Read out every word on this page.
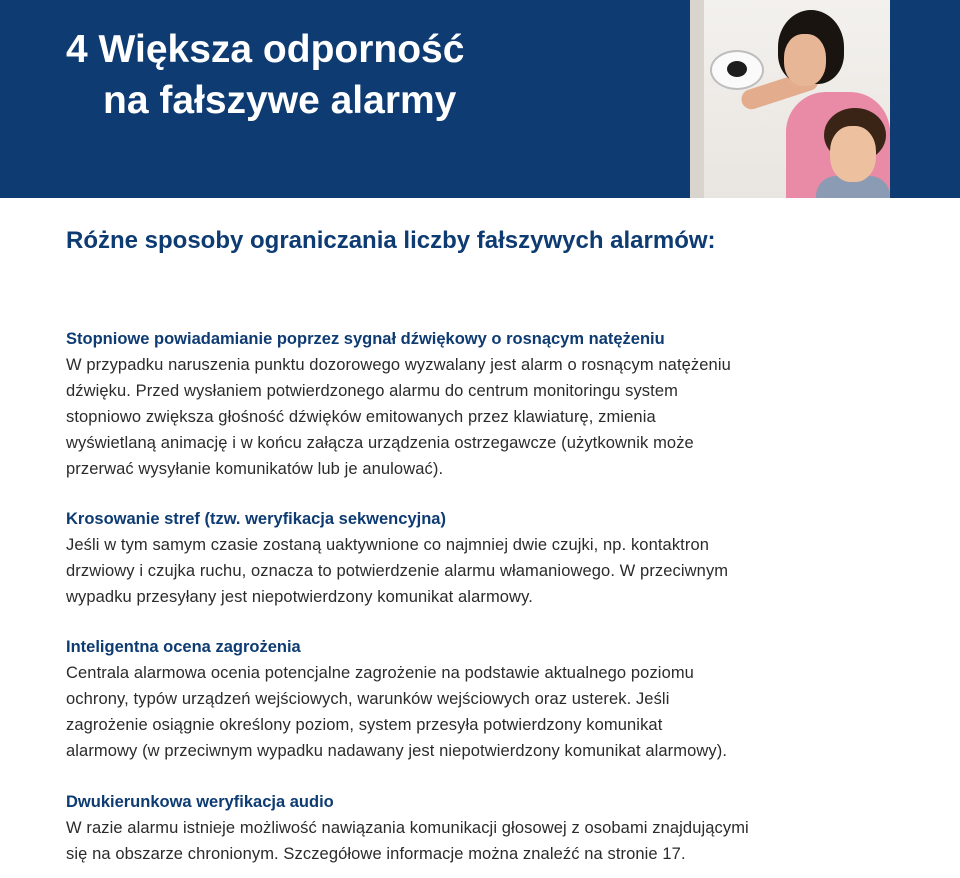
4 Większa odporność
na fałszywe alarmy
Różne sposoby ograniczania liczby fałszywych alarmów:

Stopniowe powiadamianie poprzez sygnał dźwiękowy o rosnącym natężeniu

W przypadku naruszenia punktu dozorowego wyzwalany jest alarm o rosnącym natężeniu
dźwięku. Przed wysłaniem potwierdzonego alarmu do centrum monitoringu system
stopniowo zwiększa głośność dźwięków emitowanych przez klawiaturę, zmienia
wyświetlaną animację i w końcu załącza urządzenia ostrzegawcze (użytkownik może
przerwać wysyłanie komunikatów lub je anulować).

Krosowanie stref (tzw. weryfikacja sekwencyjna)

Jeśli w tym samym czasie zostaną uaktywnione co najmniej dwie czujki, np. kontaktron
drzwiowy i czujka ruchu, oznacza to potwierdzenie alarmu włamaniowego. W przeciwnym
wypadku przesyłany jest niepotwierdzony komunikat alarmowy.

Inteligentna ocena zagrożenia

Centrala alarmowa ocenia potencjalne zagrożenie na podstawie aktualnego poziomu
ochrony, typów urządzeń wejściowych, warunków wejściowych oraz usterek. Jeśli
zagrożenie osiągnie określony poziom, system przesyła potwierdzony komunikat
alarmowy (w przeciwnym wypadku nadawany jest niepotwierdzony komunikat alarmowy).

Dwukierunkowa weryfikacja audio

W razie alarmu istnieje możliwość nawiązania komunikacji głosowej z osobami znajdującymi
się na obszarze chronionym. Szczegółowe informacje można znaleźć na stronie 17.
